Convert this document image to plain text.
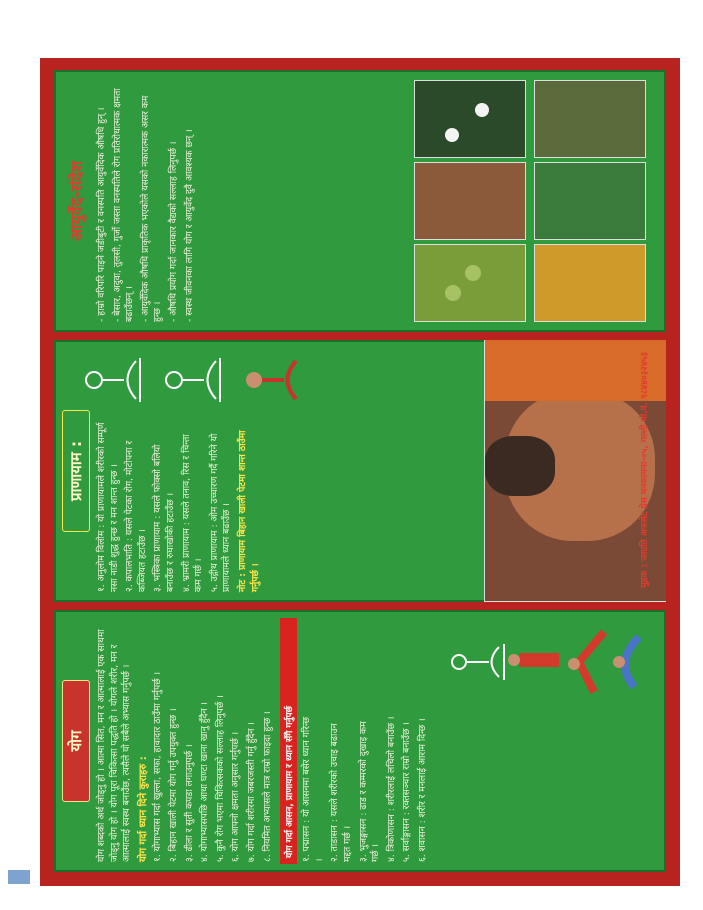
योग	योग शब्दको अर्थ जोड्नु हो । आत्मा सित, मन र आत्मालाई एक साथमा जोड्नु योग हो । योग पूरा चिकित्सा पद्धति हो । योगले शरीर, मन र आत्मालाई स्वस्थ बनाउँछ, त्यसैले यो सबैले अभ्यास गर्नुपर्छ । योग गर्दा ध्यान दिने कुराहरु : १. योगाभ्यास गर्दा खुल्ला, सफा, हावादार ठाउँमा गर्नुपर्छ । २. बिहान खाली पेटमा योग गर्नु उपयुक्त हुन्छ । ३. ढीला र सुती कपडा लगाउनुपर्छ । ४. योगाभ्यासपछि आधा घण्टा खाना खानु हुँदैन । ५. कुनै रोग भएमा चिकित्सकको सल्लाह लिनुपर्छ । ६. योग आफ्नो क्षमता अनुसार गर्नुपर्छ । ७. योग गर्दा शरीरमा जबरजस्ती गर्नु हुँदैन । ८. नियमित अभ्यासले मात्र राम्रो फाइदा हुन्छ ।	योग गर्दा आसन, प्राणायाम र ध्यान सँगै गर्नुपर्छ १. पद्मासन : यो आसनमा बसेर ध्यान गरिन्छ । २. ताडासन : यसले शरीरको उचाइ बढाउन मद्दत गर्छ । ३. भुजङ्गासन : ढाड र कम्मरको दुखाइ कम गर्छ । ४. त्रिकोणासन : शरीरलाई लचिलो बनाउँछ । ५. सर्वाङ्गासन : रक्तसञ्चार राम्रो बनाउँछ । ६. शवासन : शरीर र मनलाई आराम दिन्छ ।

प्राणायाम :	१. अनुलोम विलोम : यो प्राणायामले शरीरको सम्पूर्ण नसा नाडी शुद्ध हुन्छ र मन शान्त हुन्छ । २. कपालभाति : यसले पेटका रोग, मोटोपना र कब्जियत हटाउँछ । ३. भस्त्रिका प्राणायाम : यसले फोक्सो बलियो बनाउँछ र रुघाखोकी हटाउँछ । ४. भ्रामरी प्राणायाम : यसले तनाव, रिस र चिन्ता कम गर्छ । ५. उद्गीथ प्राणायाम : ओम उच्चारण गर्दै गरिने यो प्राणायामले ध्यान बढाउँछ । नोट : प्राणायाम बिहान खाली पेटमा शान्त ठाउँमा गर्नुपर्छ ।	मुद्रक : जाग्रति अफसेट प्रेस मनकामना-०५, गल्ली मो.नं. ९८४४०३२४५३
आयुर्वेद-संदेश	- हाम्रो वरिपरि पाइने जडीबुटी र वनस्पति आयुर्वेदिक औषधि हुन् । - बेसार, अदुवा, तुलसी, गुर्जो जस्ता वनस्पतिले रोग प्रतिरोधात्मक क्षमता बढाउँछन् । - आयुर्वेदिक औषधि प्राकृतिक भएकोले यसको नकारात्मक असर कम हुन्छ । - औषधि प्रयोग गर्दा जानकार वैद्यको सल्लाह लिनुपर्छ । - स्वस्थ जीवनका लागि योग र आयुर्वेद दुवै आवश्यक छन् ।
